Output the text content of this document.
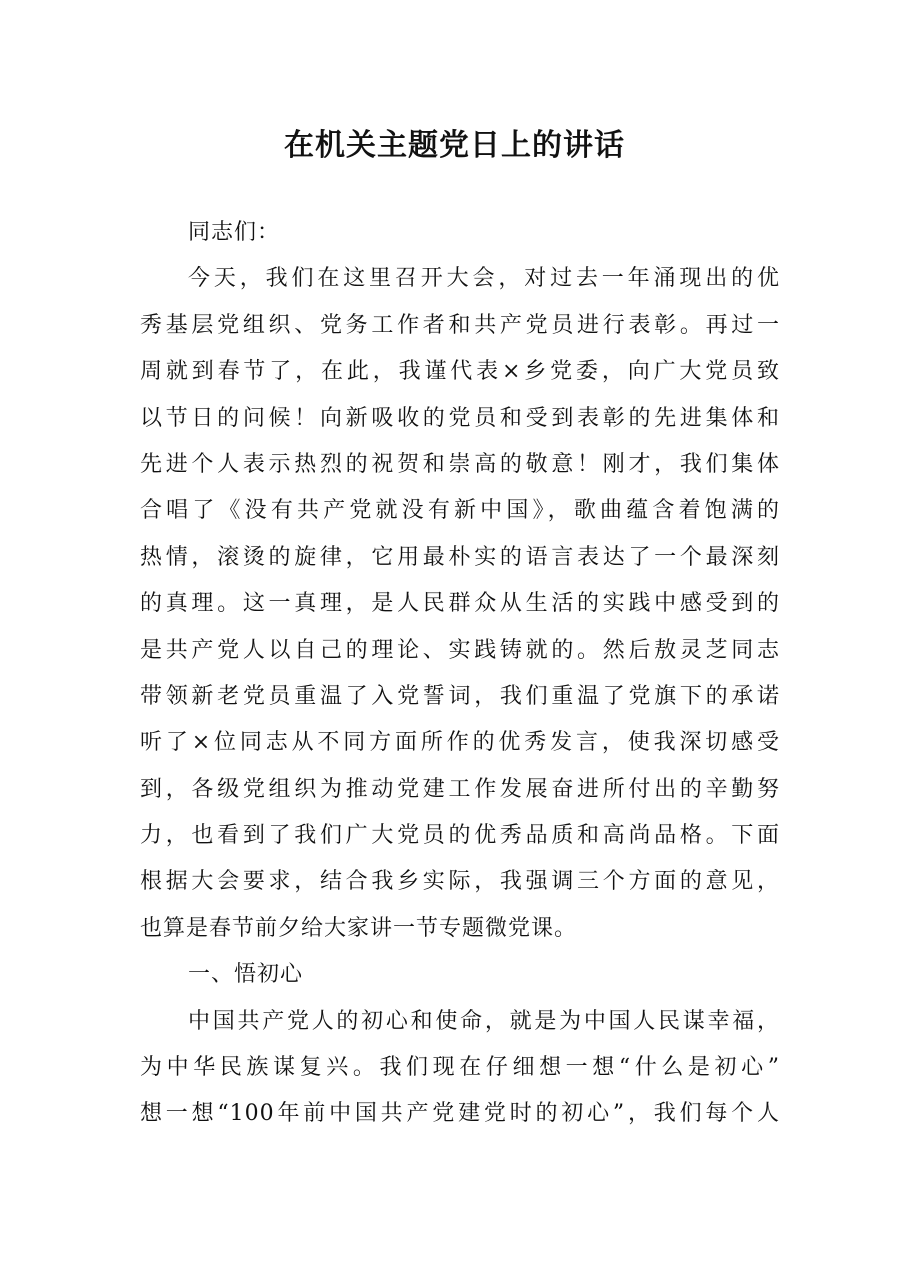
在机关主题党日上的讲话
同志们：
今天，我们在这里召开大会，对过去一年涌现出的优
秀基层党组织、党务工作者和共产党员进行表彰。再过一
周就到春节了，在此，我谨代表×乡党委，向广大党员致
以节日的问候！向新吸收的党员和受到表彰的先进集体和
先进个人表示热烈的祝贺和崇高的敬意！刚才，我们集体
合唱了《没有共产党就没有新中国》，歌曲蕴含着饱满的
热情，滚烫的旋律，它用最朴实的语言表达了一个最深刻
的真理。这一真理，是人民群众从生活的实践中感受到的
是共产党人以自己的理论、实践铸就的。然后敖灵芝同志
带领新老党员重温了入党誓词，我们重温了党旗下的承诺
听了×位同志从不同方面所作的优秀发言，使我深切感受
到，各级党组织为推动党建工作发展奋进所付出的辛勤努
力，也看到了我们广大党员的优秀品质和高尚品格。下面
根据大会要求，结合我乡实际，我强调三个方面的意见，
也算是春节前夕给大家讲一节专题微党课。
一、悟初心
中国共产党人的初心和使命，就是为中国人民谋幸福，
为中华民族谋复兴。我们现在仔细想一想“什么是初心”
想一想“100年前中国共产党建党时的初心”，我们每个人
